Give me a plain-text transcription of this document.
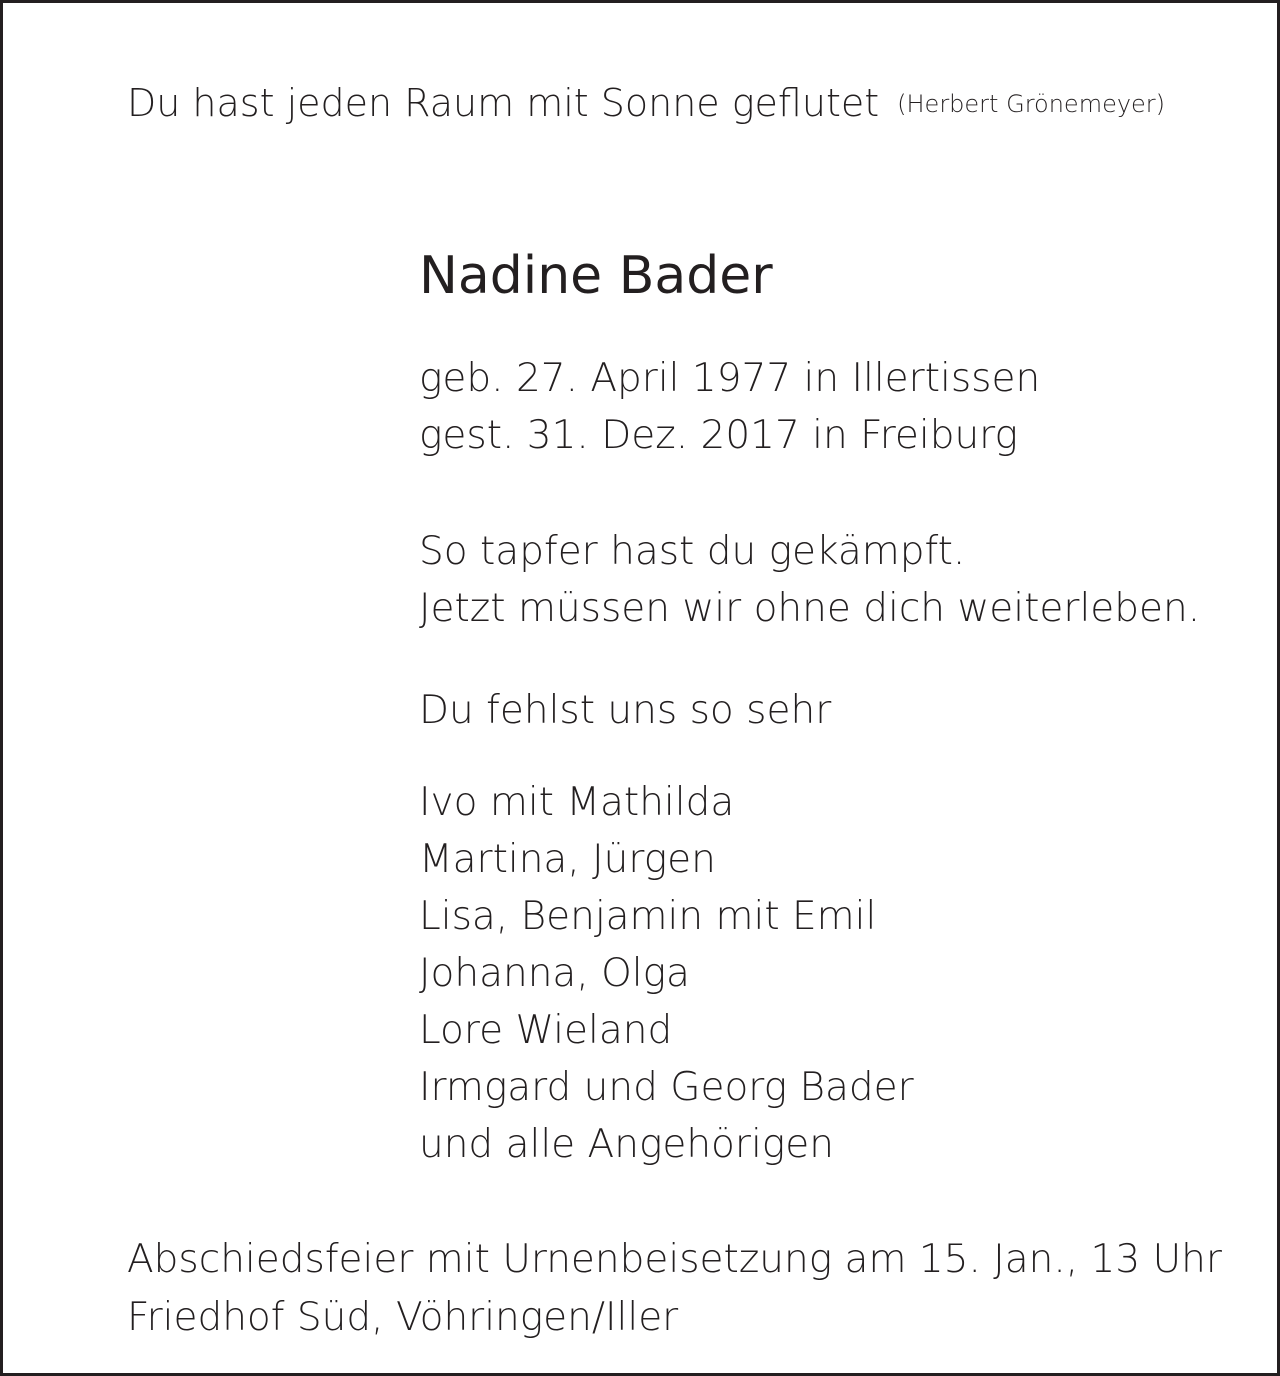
Du hast jeden Raum mit Sonne geflutet (Herbert Grönemeyer)
Nadine Bader

geb. 27. April 1977 in Illertissen

gest. 31. Dez. 2017 in Freiburg

So tapfer hast du gekämpft.

Jetzt müssen wir ohne dich weiterleben.

Du fehlst uns so sehr

Ivo mit Mathilda

Martina, Jürgen

Lisa, Benjamin mit Emil

Johanna, Olga

Lore Wieland

Irmgard und Georg Bader

und alle Angehörigen

Abschiedsfeier mit Urnenbeisetzung am 15. Jan., 13 Uhr

Friedhof Süd, Vöhringen/Iller
